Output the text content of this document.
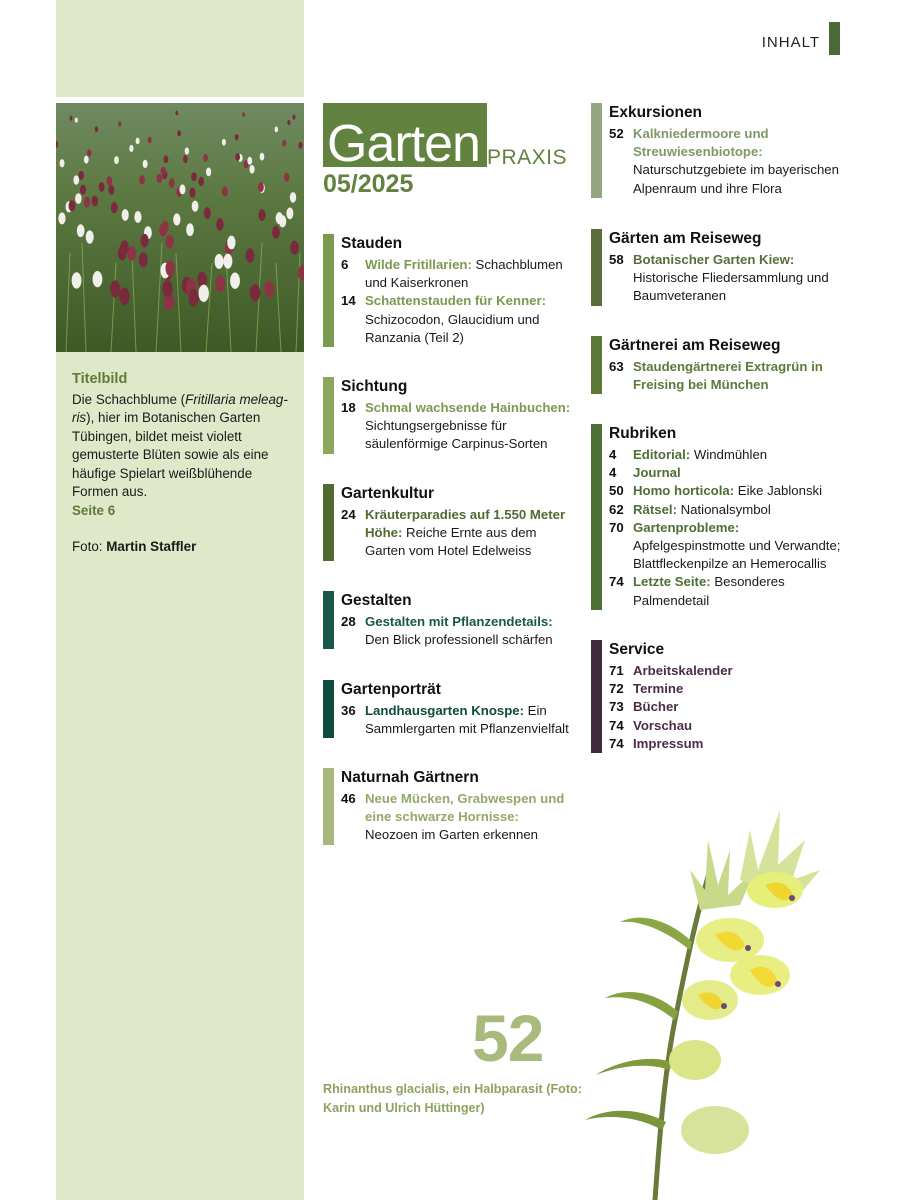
Titelbild
Die Schachblume (Fritillaria meleag-ris), hier im Botanischen Garten Tübingen, bildet meist violett gemusterte Blüten sowie als eine häufige Spielart weißblühende Formen aus.
Seite 6
Foto: Martin Staffler
INHALT
Garten PRAXIS
05/2025
Stauden
6	Wilde Fritillarien: Schachblumen und Kaiserkronen
14 Schattenstauden für Kenner: Schizocodon, Glaucidium und Ranzania (Teil 2)
Sichtung
18 Schmal wachsende Hainbuchen: Sichtungsergebnisse für säulenförmige Carpinus-Sorten
Gartenkultur
24 Kräuterparadies auf 1.550 Meter Höhe: Reiche Ernte aus dem Garten vom Hotel Edelweiss
Gestalten
28 Gestalten mit Pflanzendetails: Den Blick professionell schärfen
Gartenporträt
36 Landhausgarten Knospe: Ein Sammlergarten mit Pflanzenvielfalt
Naturnah Gärtnern
46 Neue Mücken, Grabwespen und eine schwarze Hornisse: Neozoen im Garten erkennen
Exkursionen
52 Kalkniedermoore und Streuwiesenbiotope: Naturschutzgebiete im bayerischen Alpenraum und ihre Flora
Gärten am Reiseweg
58 Botanischer Garten Kiew: Historische Fliedersammlung und Baumveteranen
Gärtnerei am Reiseweg
63 Staudengärtnerei Extragrün in Freising bei München
Rubriken
4	Editorial: Windmühlen
4	Journal
50 Homo horticola: Eike Jablonski
62 Rätsel: Nationalsymbol
70 Gartenprobleme: Apfelgespinstmotte und Verwandte; Blattfleckenpilze an Hemerocallis
74 Letzte Seite: Besonderes Palmendetail
Service
71 Arbeitskalender
72 Termine
73 Bücher
74 Vorschau
74 Impressum
52
Rhinanthus glacialis, ein Halbparasit (Foto: Karin und Ulrich Hüttinger)
